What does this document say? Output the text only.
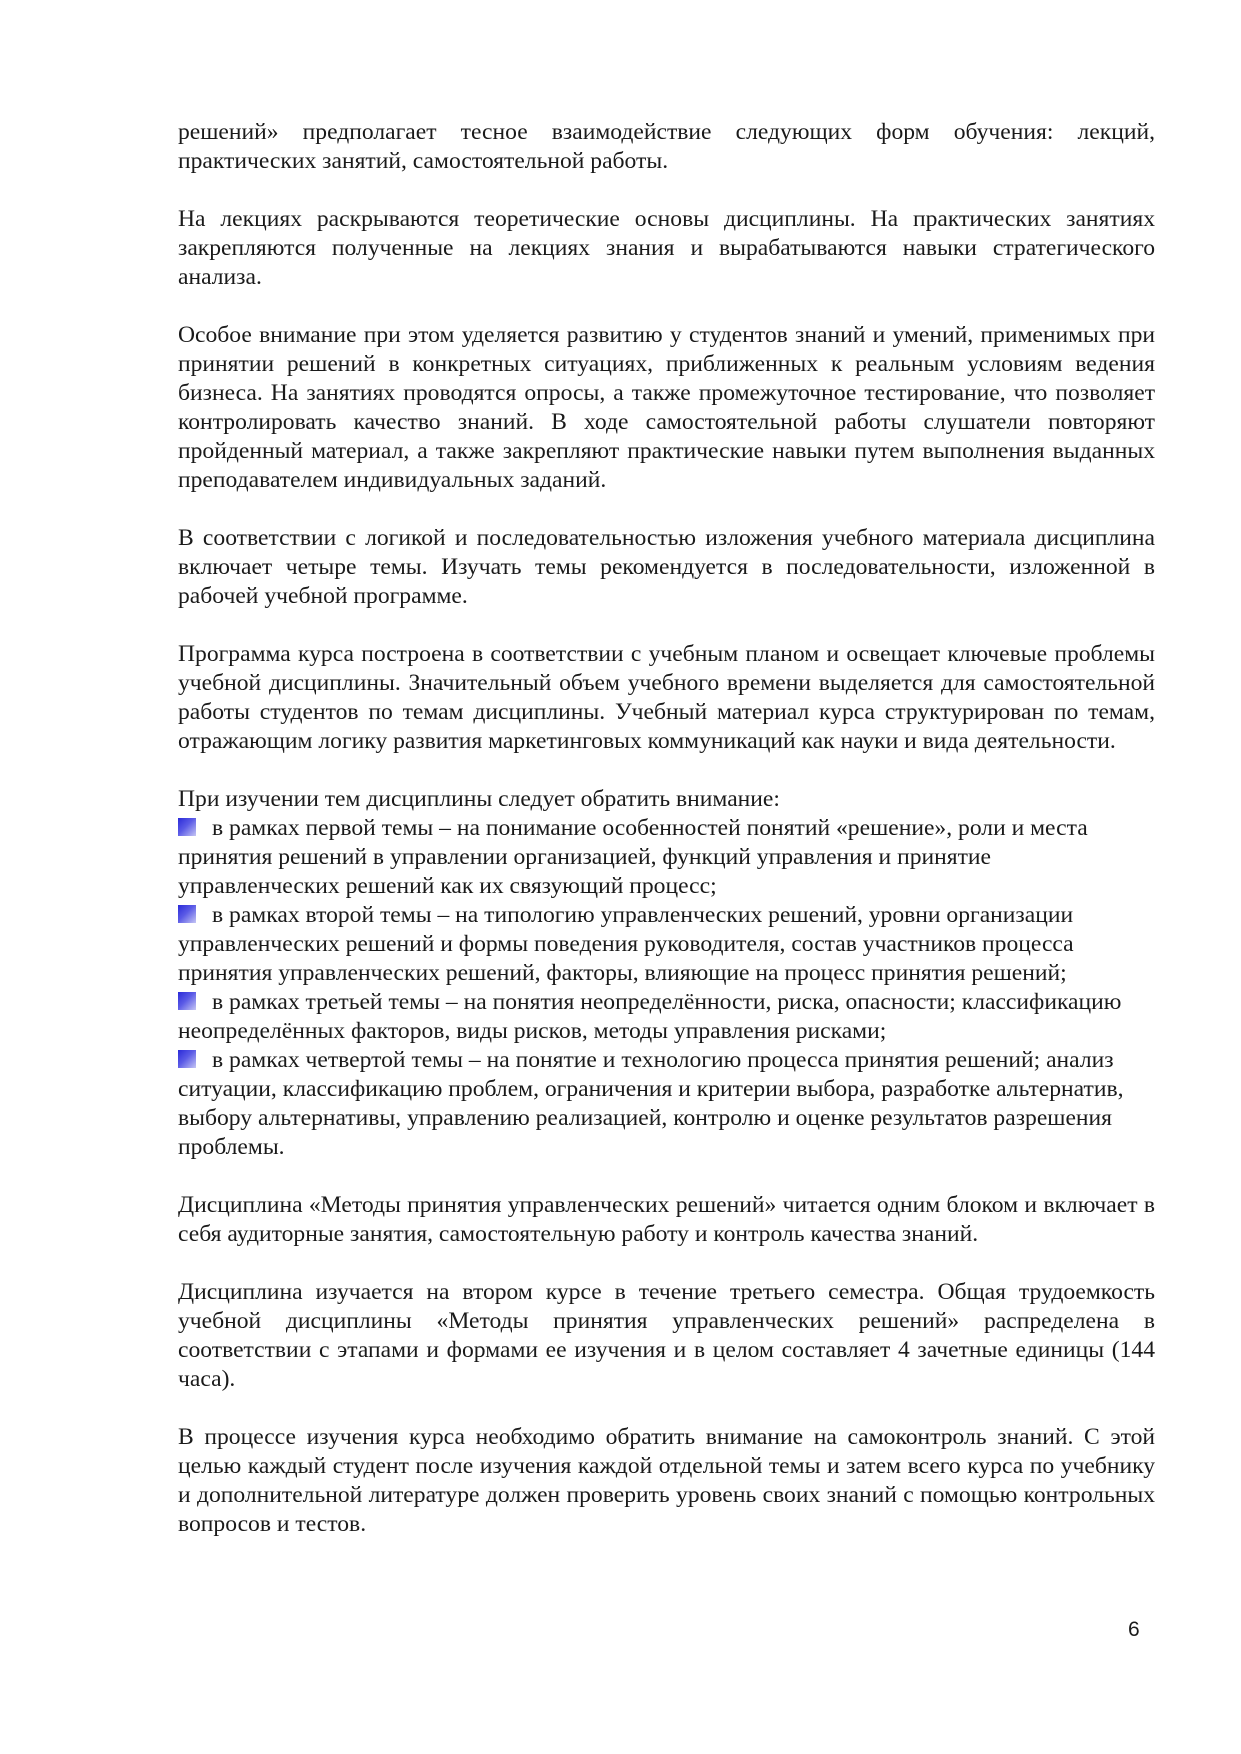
решений» предполагает тесное взаимодействие следующих форм обучения: лекций, практических занятий, самостоятельной работы.

На лекциях раскрываются теоретические основы дисциплины. На практических занятиях закрепляются полученные на лекциях знания и вырабатываются навыки стратегического анализа.

Особое внимание при этом уделяется развитию у студентов знаний и умений, применимых при принятии решений в конкретных ситуациях, приближенных к реальным условиям ведения бизнеса. На занятиях проводятся опросы, а также промежуточное тестирование, что позволяет контролировать качество знаний. В ходе самостоятельной работы слушатели повторяют пройденный материал, а также закрепляют практические навыки путем выполнения выданных преподавателем индивидуальных заданий.

В соответствии с логикой и последовательностью изложения учебного материала дисциплина включает четыре темы. Изучать темы рекомендуется в последовательности, изложенной в рабочей учебной программе.

Программа курса построена в соответствии с учебным планом и освещает ключевые проблемы учебной дисциплины. Значительный объем учебного времени выделяется для самостоятельной работы студентов по темам дисциплины. Учебный материал курса структурирован по темам, отражающим логику развития маркетинговых коммуникаций как науки и вида деятельности.

При изучении тем дисциплины следует обратить внимание:

в рамках первой темы – на понимание особенностей понятий «решение», роли и места принятия решений в управлении организацией, функций управления и принятие управленческих решений как их связующий процесс;
в рамках второй темы – на типологию управленческих решений, уровни организации управленческих решений и формы поведения руководителя, состав участников процесса принятия управленческих решений, факторы, влияющие на процесс принятия решений;
в рамках третьей темы – на понятия неопределённости, риска, опасности; классификацию неопределённых факторов, виды рисков, методы управления рисками;
в рамках четвертой темы – на понятие и технологию процесса принятия решений; анализ ситуации, классификацию проблем, ограничения и критерии выбора, разработке альтернатив, выбору альтернативы, управлению реализацией, контролю и оценке результатов разрешения проблемы.

Дисциплина «Методы принятия управленческих решений» читается одним блоком и включает в себя аудиторные занятия, самостоятельную работу и контроль качества знаний.

Дисциплина изучается на втором курсе в течение третьего семестра. Общая трудоемкость учебной дисциплины «Методы принятия управленческих решений» распределена в соответствии с этапами и формами ее изучения и в целом составляет 4 зачетные единицы (144 часа).

В процессе изучения курса необходимо обратить внимание на самоконтроль знаний. С этой целью каждый студент после изучения каждой отдельной темы и затем всего курса по учебнику и дополнительной литературе должен проверить уровень своих знаний с помощью контрольных вопросов и тестов.

6
